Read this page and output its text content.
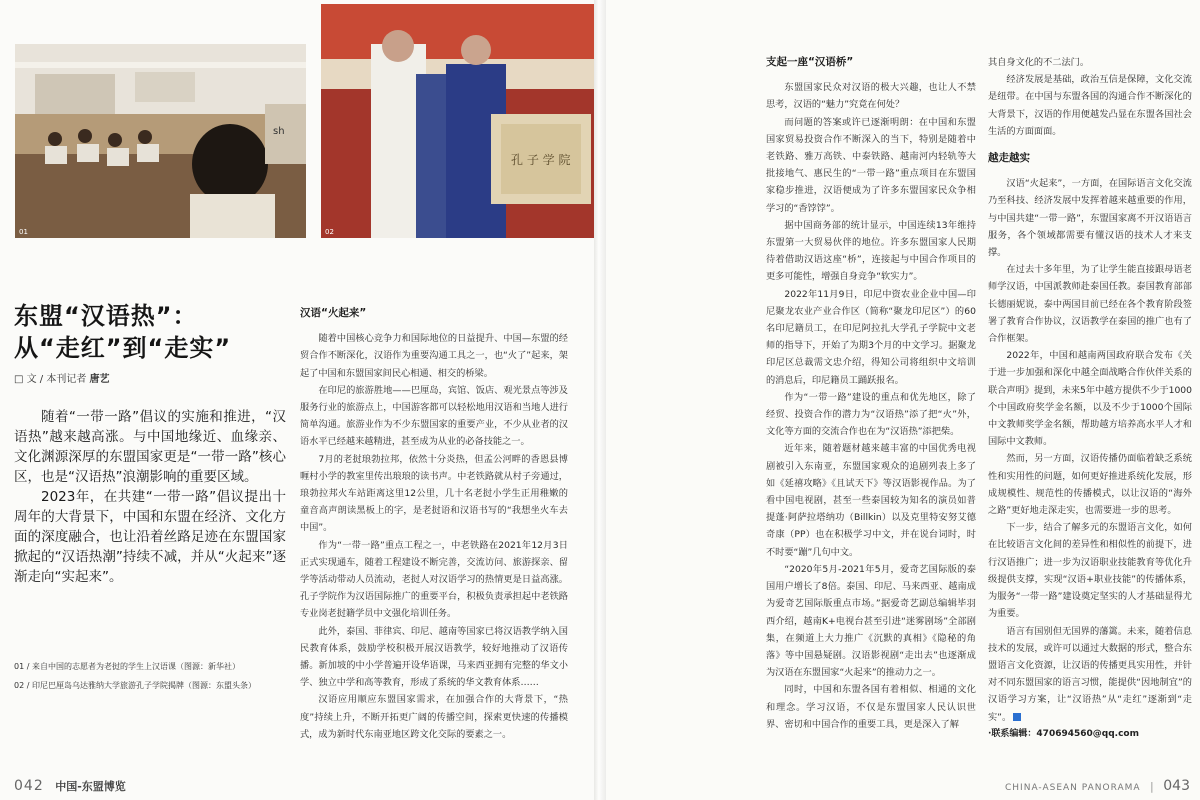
sh
01
孔 子 学 院
02
东盟“汉语热”：
从“走红”到“走实”
□ 文 / 本刊记者 唐艺

随着“一带一路”倡议的实施和推进，“汉语热”越来越高涨。与中国地缘近、血缘亲、文化渊源深厚的东盟国家更是“一带一路”核心区，也是“汉语热”浪潮影响的重要区域。

2023年，在共建“一带一路”倡议提出十周年的大背景下，中国和东盟在经济、文化方面的深度融合，也让沿着丝路足迹在东盟国家掀起的“汉语热潮”持续不减，并从“火起来”逐渐走向“实起来”。

01 / 来自中国的志愿者为老挝的学生上汉语课（图源：新华社）

02 / 印尼巴厘岛乌达雅纳大学旅游孔子学院揭牌（图源：东盟头条）

汉语“火起来”

随着中国核心竞争力和国际地位的日益提升、中国—东盟的经贸合作不断深化，汉语作为重要沟通工具之一，也“火了”起来，架起了中国和东盟国家间民心相通、相交的桥梁。

在印尼的旅游胜地——巴厘岛，宾馆、饭店、观光景点等涉及服务行业的旅游点上，中国游客都可以轻松地用汉语和当地人进行简单沟通。旅游业作为不少东盟国家的重要产业，不少从业者的汉语水平已经越来越精进，甚至成为从业的必备技能之一。

7月的老挝琅勃拉邦，依然十分炎热，但孟公河畔的香恩县博喱村小学的教室里传出琅琅的读书声。中老铁路就从村子旁通过，琅勃拉邦火车站距离这里12公里，几十名老挝小学生正用稚嫩的童音高声朗读黑板上的字，是老挝语和汉语书写的“我想坐火车去中国”。

作为“一带一路”重点工程之一，中老铁路在2021年12月3日正式实现通车，随着工程建设不断完善，交流访问、旅游探亲、留学等活动带动人员流动，老挝人对汉语学习的热情更是日益高涨。孔子学院作为汉语国际推广的重要平台，积极负责承担起中老铁路专业岗老挝籍学员中文强化培训任务。

此外，泰国、菲律宾、印尼、越南等国家已将汉语教学纳入国民教育体系，鼓励学校积极开展汉语教学，较好地推动了汉语传播。新加坡的中小学普遍开设华语课，马来西亚拥有完整的华文小学、独立中学和高等教育，形成了系统的华文教育体系……

汉语应用顺应东盟国家需求，在加强合作的大背景下，“热度”持续上升，不断开拓更广阔的传播空间，探索更快速的传播模式，成为新时代东南亚地区跨文化交际的要素之一。

042 中国-东盟博览
支起一座“汉语桥”

东盟国家民众对汉语的极大兴趣，也让人不禁思考，汉语的“魅力”究竟在何处？

而问题的答案或许已逐渐明朗：在中国和东盟国家贸易投资合作不断深入的当下，特别是随着中老铁路、雅万高铁、中泰铁路、越南河内轻轨等大批接地气、惠民生的“一带一路”重点项目在东盟国家稳步推进，汉语便成为了许多东盟国家民众争相学习的“香饽饽”。

据中国商务部的统计显示，中国连续13年维持东盟第一大贸易伙伴的地位。许多东盟国家人民期待着借助汉语这座“桥”，连接起与中国合作项目的更多可能性，增强自身竞争“软实力”。

2022年11月9日，印尼中资农业企业中国—印尼聚龙农业产业合作区（简称“聚龙印尼区”）的60名印尼籍员工，在印尼阿拉扎大学孔子学院中文老师的指导下，开始了为期3个月的中文学习。据聚龙印尼区总裁需文忠介绍，得知公司将组织中文培训的消息后，印尼籍员工踊跃报名。

作为“一带一路”建设的重点和优先地区，除了经贸、投资合作的潜力为“汉语热”添了把“火”外，文化等方面的交流合作也在为“汉语热”添把柴。

近年来，随着题材越来越丰富的中国优秀电视剧被引入东南亚，东盟国家观众的追剧列表上多了如《延禧攻略》《且试天下》等汉语影视作品。为了看中国电视剧，甚至一些泰国较为知名的演员如普提蓬·阿萨拉塔纳功（Billkin）以及克里特安努艾德奇康（PP）也在积极学习中文，并在说台词时，时不时要“蹦”几句中文。

“2020年5月-2021年5月，爱奇艺国际版的泰国用户增长了8倍。泰国、印尼、马来西亚、越南成为爱奇艺国际版重点市场。”据爱奇艺副总编辑毕羽西介绍，越南K+电视台甚至引进“迷雾剧场”全部剧集，在频道上大力推广《沉默的真相》《隐秘的角落》等中国悬疑剧。汉语影视剧“走出去”也逐渐成为汉语在东盟国家“火起来”的推动力之一。

同时，中国和东盟各国有着相似、相通的文化和理念。学习汉语，不仅是东盟国家人民认识世界、密切和中国合作的重要工具，更是深入了解

其自身文化的不二法门。

经济发展是基础，政治互信是保障，文化交流是纽带。在中国与东盟各国的沟通合作不断深化的大背景下，汉语的作用便越发凸显在东盟各国社会生活的方面面面。

越走越实

汉语“火起来”，一方面，在国际语言文化交流乃至科技、经济发展中发挥着越来越重要的作用，与中国共建“一带一路”，东盟国家离不开汉语语言服务，各个领域都需要有懂汉语的技术人才来支撑。

在过去十多年里，为了让学生能直接跟母语老师学汉语，中国派教师赴泰国任教。泰国教育部部长德丽妮说，泰中两国目前已经在各个教育阶段签署了教育合作协议，汉语教学在泰国的推广也有了合作框架。

2022年，中国和越南两国政府联合发布《关于进一步加强和深化中越全面战略合作伙伴关系的联合声明》提到，未来5年中越方提供不少于1000个中国政府奖学金名额，以及不少于1000个国际中文教师奖学金名额，帮助越方培养高水平人才和国际中文教师。

然而，另一方面，汉语传播仍面临着缺乏系统性和实用性的问题，如何更好推进系统化发展，形成规模性、规范性的传播模式，以让汉语的“海外之路”更好地走深走实，也需要进一步的思考。

下一步，结合了解多元的东盟语言文化，如何在比较语言文化间的差异性和相似性的前提下，进行汉语推广；进一步为汉语职业技能教育等优化升级提供支撑，实现“汉语+职业技能”的传播体系，为服务“一带一路”建设奠定坚实的人才基础显得尤为重要。

语言有国别但无国界的藩篱。未来，随着信息技术的发展，或许可以通过大数据的形式，整合东盟语言文化资源，让汉语的传播更具实用性，并针对不同东盟国家的语言习惯，能提供“因地制宜”的汉语学习方案，让“汉语热”从“走红”逐渐到“走实”。

·联系编辑：470694560@qq.com

CHINA-ASEAN PANORAMA | 043
